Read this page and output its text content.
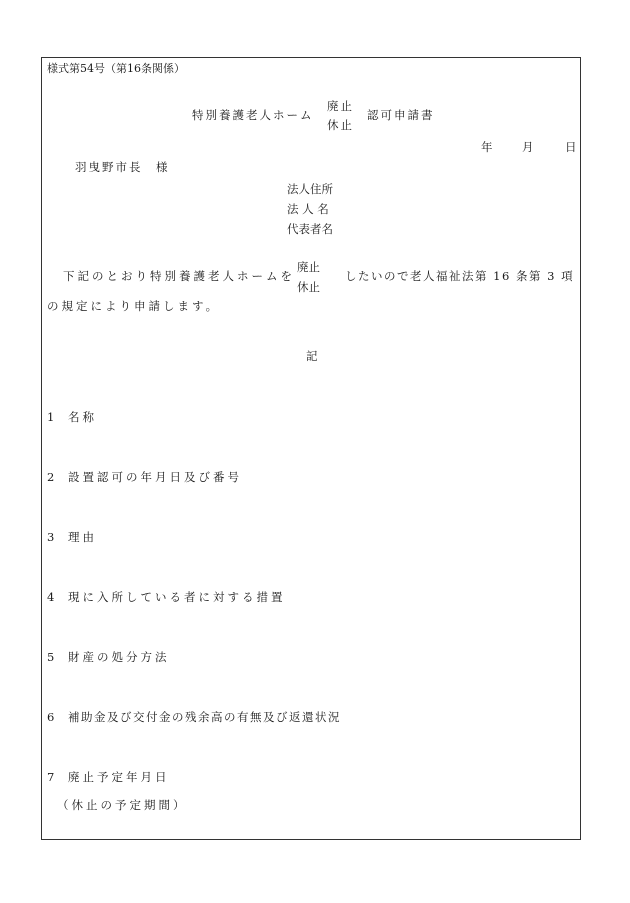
様式第54号（第16条関係）
特別養護老人ホーム
廃止
休止
認可申請書
年	月	日
羽曳野市長 様
法人住所
法 人 名
代表者名
下記のとおり特別養護老人ホームを
廃止
休止
したいので老人福祉法第 16 条第 3 項
の規定により申請します。
記
1 名称
2 設置認可の年月日及び番号
3 理由
4 現に入所している者に対する措置
5 財産の処分方法
6 補助金及び交付金の残余高の有無及び返還状況
7 廃止予定年月日
（休止の予定期間）
